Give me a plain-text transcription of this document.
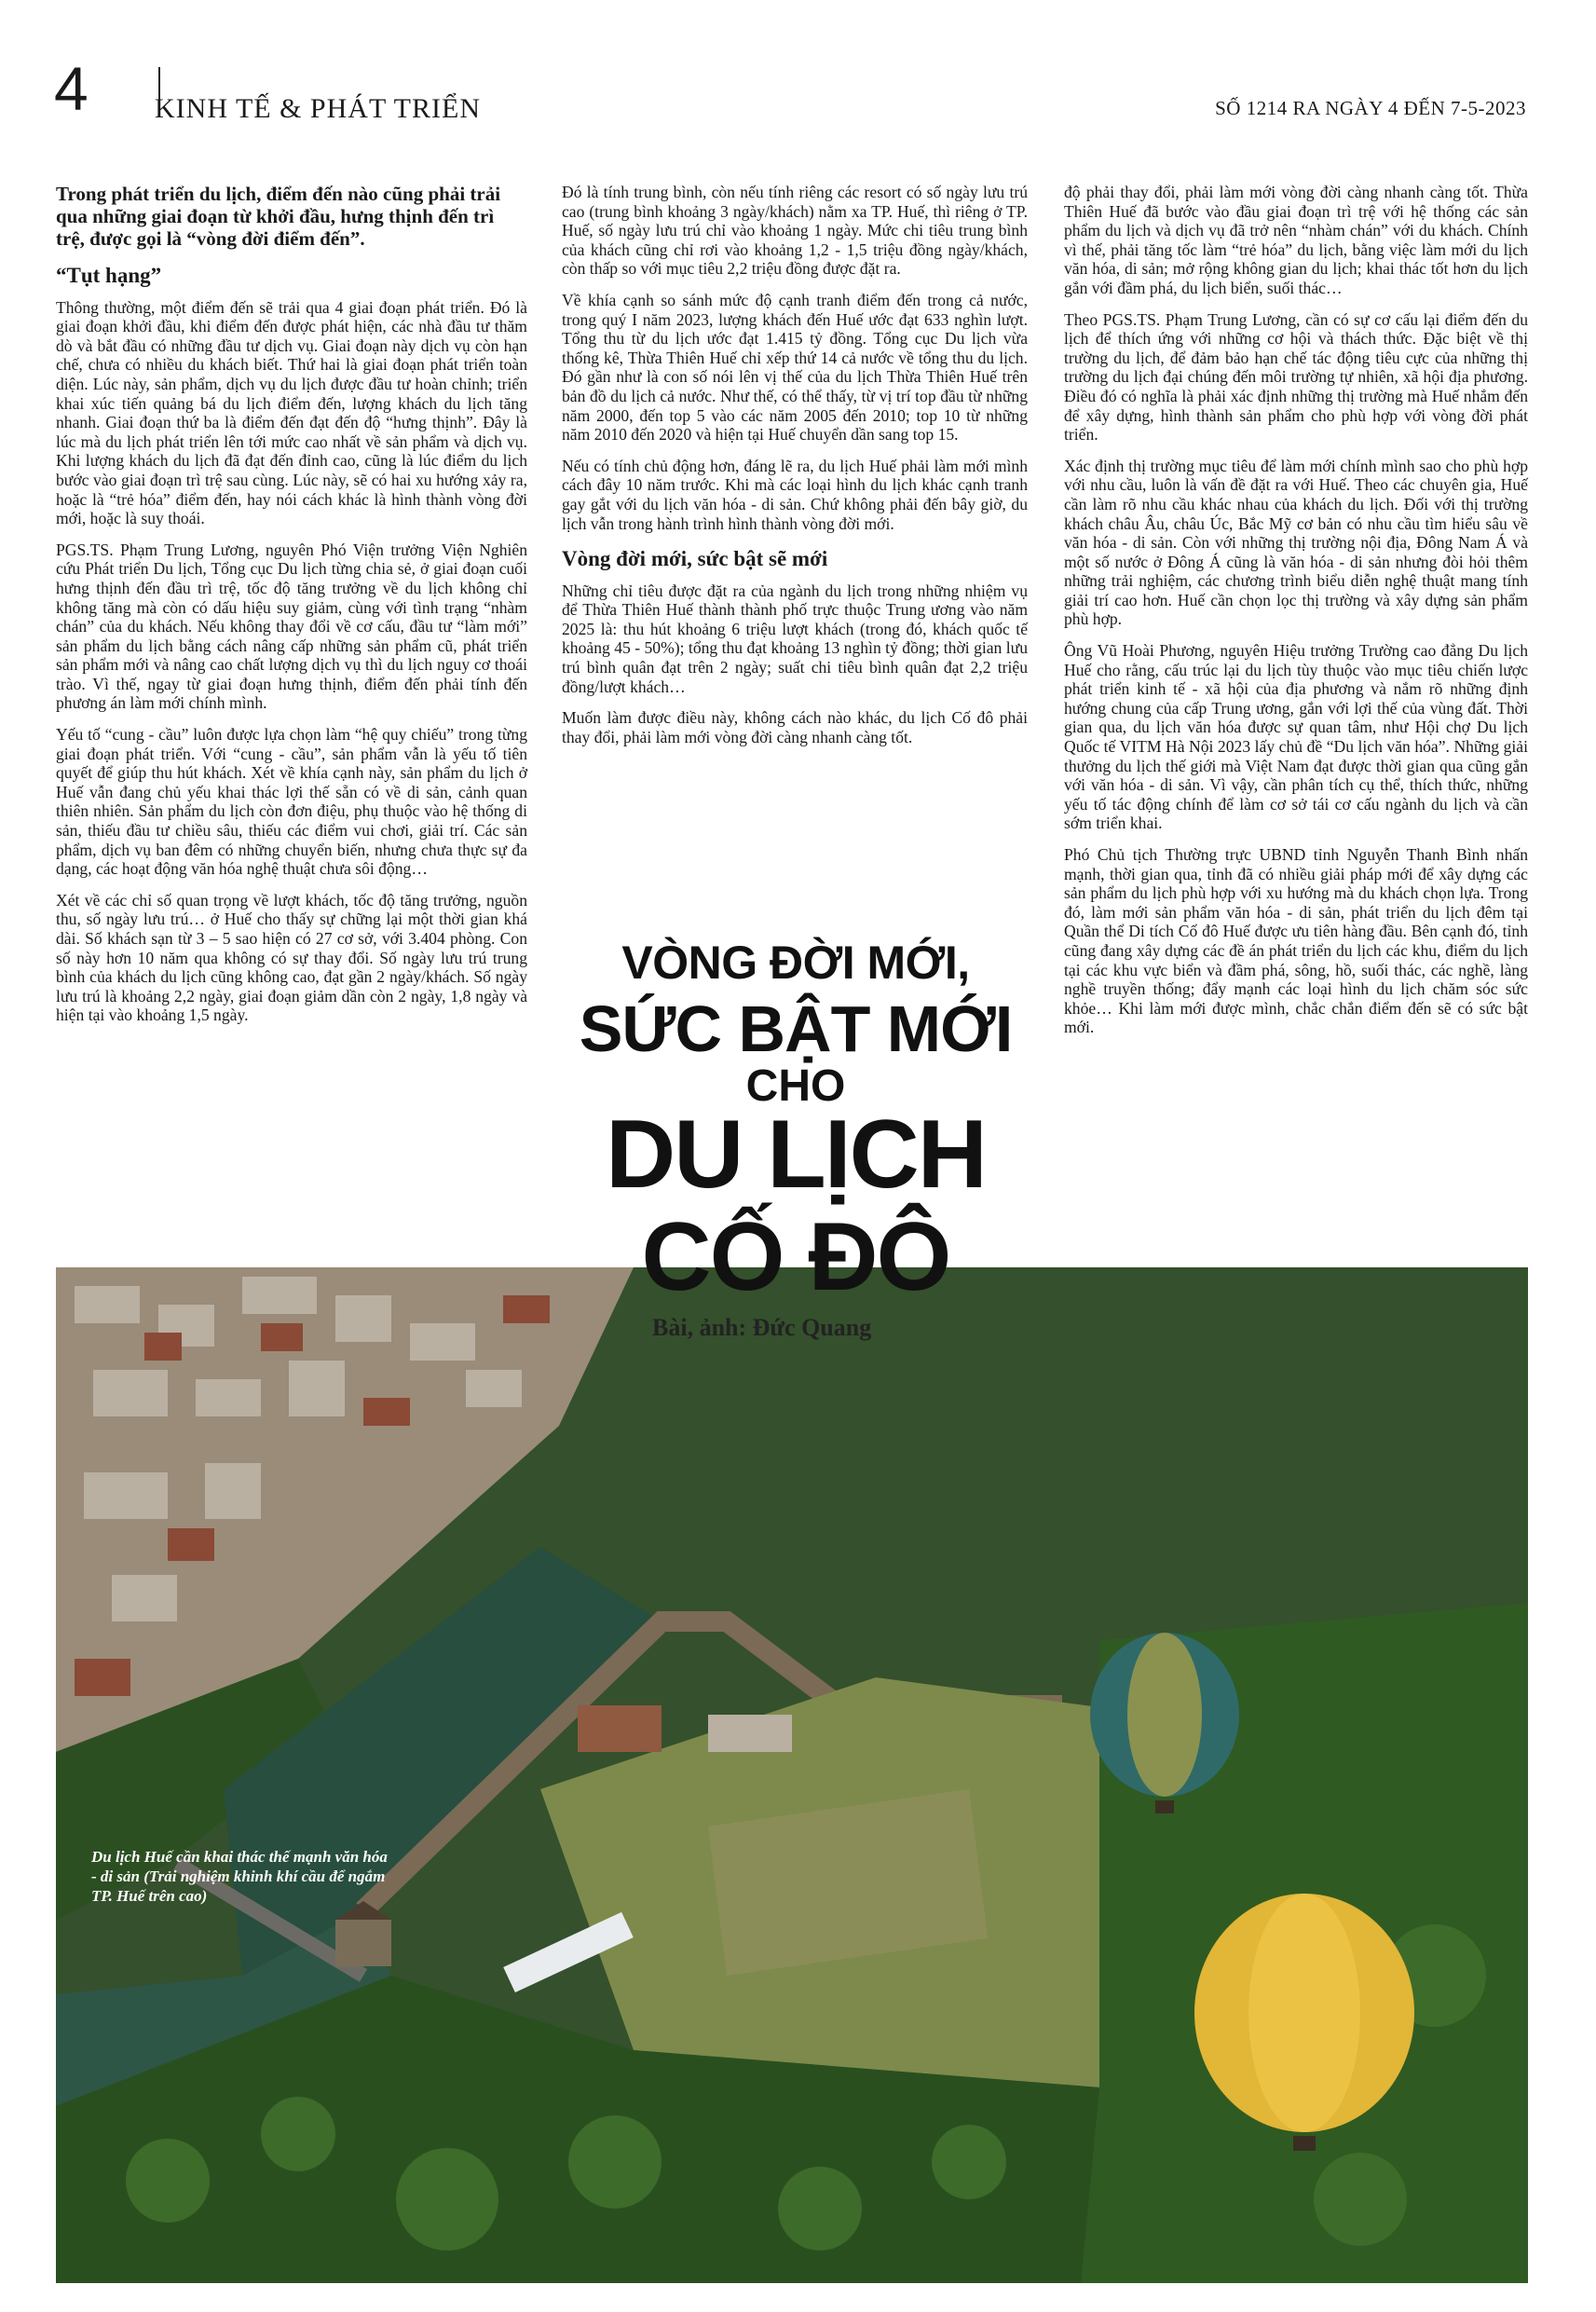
4 KINH TẾ & PHÁT TRIỂN	SỐ 1214 RA NGÀY 4 ĐẾN 7-5-2023

Trong phát triển du lịch, điểm đến nào cũng phải trải qua những giai đoạn từ khởi đầu, hưng thịnh đến trì trệ, được gọi là “vòng đời điểm đến”.

“Tụt hạng”

Thông thường, một điểm đến sẽ trải qua 4 giai đoạn phát triển. Đó là giai đoạn khởi đầu, khi điểm đến được phát hiện, các nhà đầu tư thăm dò và bắt đầu có những đầu tư dịch vụ. Giai đoạn này dịch vụ còn hạn chế, chưa có nhiều du khách biết. Thứ hai là giai đoạn phát triển toàn diện. Lúc này, sản phẩm, dịch vụ du lịch được đầu tư hoàn chỉnh; triển khai xúc tiến quảng bá du lịch điểm đến, lượng khách du lịch tăng nhanh. Giai đoạn thứ ba là điểm đến đạt đến độ “hưng thịnh”. Đây là lúc mà du lịch phát triển lên tới mức cao nhất về sản phẩm và dịch vụ. Khi lượng khách du lịch đã đạt đến đỉnh cao, cũng là lúc điểm du lịch bước vào giai đoạn trì trệ sau cùng. Lúc này, sẽ có hai xu hướng xảy ra, hoặc là “trẻ hóa” điểm đến, hay nói cách khác là hình thành vòng đời mới, hoặc là suy thoái.

PGS.TS. Phạm Trung Lương, nguyên Phó Viện trưởng Viện Nghiên cứu Phát triển Du lịch, Tổng cục Du lịch từng chia sẻ, ở giai đoạn cuối hưng thịnh đến đầu trì trệ, tốc độ tăng trưởng về du lịch không chỉ không tăng mà còn có dấu hiệu suy giảm, cùng với tình trạng “nhàm chán” của du khách. Nếu không thay đổi về cơ cấu, đầu tư “làm mới” sản phẩm du lịch bằng cách nâng cấp những sản phẩm cũ, phát triển sản phẩm mới và nâng cao chất lượng dịch vụ thì du lịch nguy cơ thoái trào. Vì thế, ngay từ giai đoạn hưng thịnh, điểm đến phải tính đến phương án làm mới chính mình.

Yếu tố “cung - cầu” luôn được lựa chọn làm “hệ quy chiếu” trong từng giai đoạn phát triển. Với “cung - cầu”, sản phẩm vẫn là yếu tố tiên quyết để giúp thu hút khách. Xét về khía cạnh này, sản phẩm du lịch ở Huế vẫn đang chủ yếu khai thác lợi thế sẵn có về di sản, cảnh quan thiên nhiên. Sản phẩm du lịch còn đơn điệu, phụ thuộc vào hệ thống di sản, thiếu đầu tư chiều sâu, thiếu các điểm vui chơi, giải trí. Các sản phẩm, dịch vụ ban đêm có những chuyển biến, nhưng chưa thực sự đa dạng, các hoạt động văn hóa nghệ thuật chưa sôi động…

Xét về các chỉ số quan trọng về lượt khách, tốc độ tăng trưởng, nguồn thu, số ngày lưu trú… ở Huế cho thấy sự chững lại một thời gian khá dài. Số khách sạn từ 3 – 5 sao hiện có 27 cơ sở, với 3.404 phòng. Con số này hơn 10 năm qua không có sự thay đổi. Số ngày lưu trú trung bình của khách du lịch cũng không cao, đạt gần 2 ngày/khách. Số ngày lưu trú là khoảng 2,2 ngày, giai đoạn giảm dần còn 2 ngày, 1,8 ngày và hiện tại vào khoảng 1,5 ngày.

Đó là tính trung bình, còn nếu tính riêng các resort có số ngày lưu trú cao (trung bình khoảng 3 ngày/khách) nằm xa TP. Huế, thì riêng ở TP. Huế, số ngày lưu trú chỉ vào khoảng 1 ngày. Mức chi tiêu trung bình của khách cũng chỉ rơi vào khoảng 1,2 - 1,5 triệu đồng ngày/khách, còn thấp so với mục tiêu 2,2 triệu đồng được đặt ra.

Về khía cạnh so sánh mức độ cạnh tranh điểm đến trong cả nước, trong quý I năm 2023, lượng khách đến Huế ước đạt 633 nghìn lượt. Tổng thu từ du lịch ước đạt 1.415 tỷ đồng. Tổng cục Du lịch vừa thống kê, Thừa Thiên Huế chỉ xếp thứ 14 cả nước về tổng thu du lịch. Đó gần như là con số nói lên vị thế của du lịch Thừa Thiên Huế trên bản đồ du lịch cả nước. Như thế, có thể thấy, từ vị trí top đầu từ những năm 2000, đến top 5 vào các năm 2005 đến 2010; top 10 từ những năm 2010 đến 2020 và hiện tại Huế chuyển dần sang top 15.

Nếu có tính chủ động hơn, đáng lẽ ra, du lịch Huế phải làm mới mình cách đây 10 năm trước. Khi mà các loại hình du lịch khác cạnh tranh gay gắt với du lịch văn hóa - di sản. Chứ không phải đến bây giờ, du lịch vẫn trong hành trình hình thành vòng đời mới.

Vòng đời mới, sức bật sẽ mới

Những chỉ tiêu được đặt ra của ngành du lịch trong những nhiệm vụ để Thừa Thiên Huế thành thành phố trực thuộc Trung ương vào năm 2025 là: thu hút khoảng 6 triệu lượt khách (trong đó, khách quốc tế khoảng 45 - 50%); tổng thu đạt khoảng 13 nghìn tỷ đồng; thời gian lưu trú bình quân đạt trên 2 ngày; suất chi tiêu bình quân đạt 2,2 triệu đồng/lượt khách…

Muốn làm được điều này, không cách nào khác, du lịch Cố đô phải thay đổi, phải làm mới vòng đời càng nhanh càng tốt.

độ phải thay đổi, phải làm mới vòng đời càng nhanh càng tốt. Thừa Thiên Huế đã bước vào đầu giai đoạn trì trệ với hệ thống các sản phẩm du lịch và dịch vụ đã trở nên “nhàm chán” với du khách. Chính vì thế, phải tăng tốc làm “trẻ hóa” du lịch, bằng việc làm mới du lịch văn hóa, di sản; mở rộng không gian du lịch; khai thác tốt hơn du lịch gắn với đầm phá, du lịch biển, suối thác…

Theo PGS.TS. Phạm Trung Lương, cần có sự cơ cấu lại điểm đến du lịch để thích ứng với những cơ hội và thách thức. Đặc biệt về thị trường du lịch, để đảm bảo hạn chế tác động tiêu cực của những thị trường du lịch đại chúng đến môi trường tự nhiên, xã hội địa phương. Điều đó có nghĩa là phải xác định những thị trường mà Huế nhắm đến để xây dựng, hình thành sản phẩm cho phù hợp với vòng đời phát triển.

Xác định thị trường mục tiêu để làm mới chính mình sao cho phù hợp với nhu cầu, luôn là vấn đề đặt ra với Huế. Theo các chuyên gia, Huế cần làm rõ nhu cầu khác nhau của khách du lịch. Đối với thị trường khách châu Âu, châu Úc, Bắc Mỹ cơ bản có nhu cầu tìm hiểu sâu về văn hóa - di sản. Còn với những thị trường nội địa, Đông Nam Á và một số nước ở Đông Á cũng là văn hóa - di sản nhưng đòi hỏi thêm những trải nghiệm, các chương trình biểu diễn nghệ thuật mang tính giải trí cao hơn. Huế cần chọn lọc thị trường và xây dựng sản phẩm phù hợp.

Ông Vũ Hoài Phương, nguyên Hiệu trưởng Trường cao đẳng Du lịch Huế cho rằng, cấu trúc lại du lịch tùy thuộc vào mục tiêu chiến lược phát triển kinh tế - xã hội của địa phương và nắm rõ những định hướng chung của cấp Trung ương, gắn với lợi thế của vùng đất. Thời gian qua, du lịch văn hóa được sự quan tâm, như Hội chợ Du lịch Quốc tế VITM Hà Nội 2023 lấy chủ đề “Du lịch văn hóa”. Những giải thưởng du lịch thế giới mà Việt Nam đạt được thời gian qua cũng gắn với văn hóa - di sản. Vì vậy, cần phân tích cụ thể, thích thức, những yếu tố tác động chính để làm cơ sở tái cơ cấu ngành du lịch và cần sớm triển khai.

Phó Chủ tịch Thường trực UBND tỉnh Nguyễn Thanh Bình nhấn mạnh, thời gian qua, tỉnh đã có nhiều giải pháp mới để xây dựng các sản phẩm du lịch phù hợp với xu hướng mà du khách chọn lựa. Trong đó, làm mới sản phẩm văn hóa - di sản, phát triển du lịch đêm tại Quần thể Di tích Cố đô Huế được ưu tiên hàng đầu. Bên cạnh đó, tỉnh cũng đang xây dựng các đề án phát triển du lịch các khu, điểm du lịch tại các khu vực biển và đầm phá, sông, hồ, suối thác, các nghề, làng nghề truyền thống; đẩy mạnh các loại hình du lịch chăm sóc sức khỏe… Khi làm mới được mình, chắc chắn điểm đến sẽ có sức bật mới.

Du lịch Huế cần khai thác thế mạnh văn hóa - di sản (Trải nghiệm khinh khí cầu để ngắm TP. Huế trên cao)
VÒNG ĐỜI MỚI,
SỨC BẬT MỚI
CHO
DU LỊCH
CỐ ĐÔ
Bài, ảnh: Đức Quang
